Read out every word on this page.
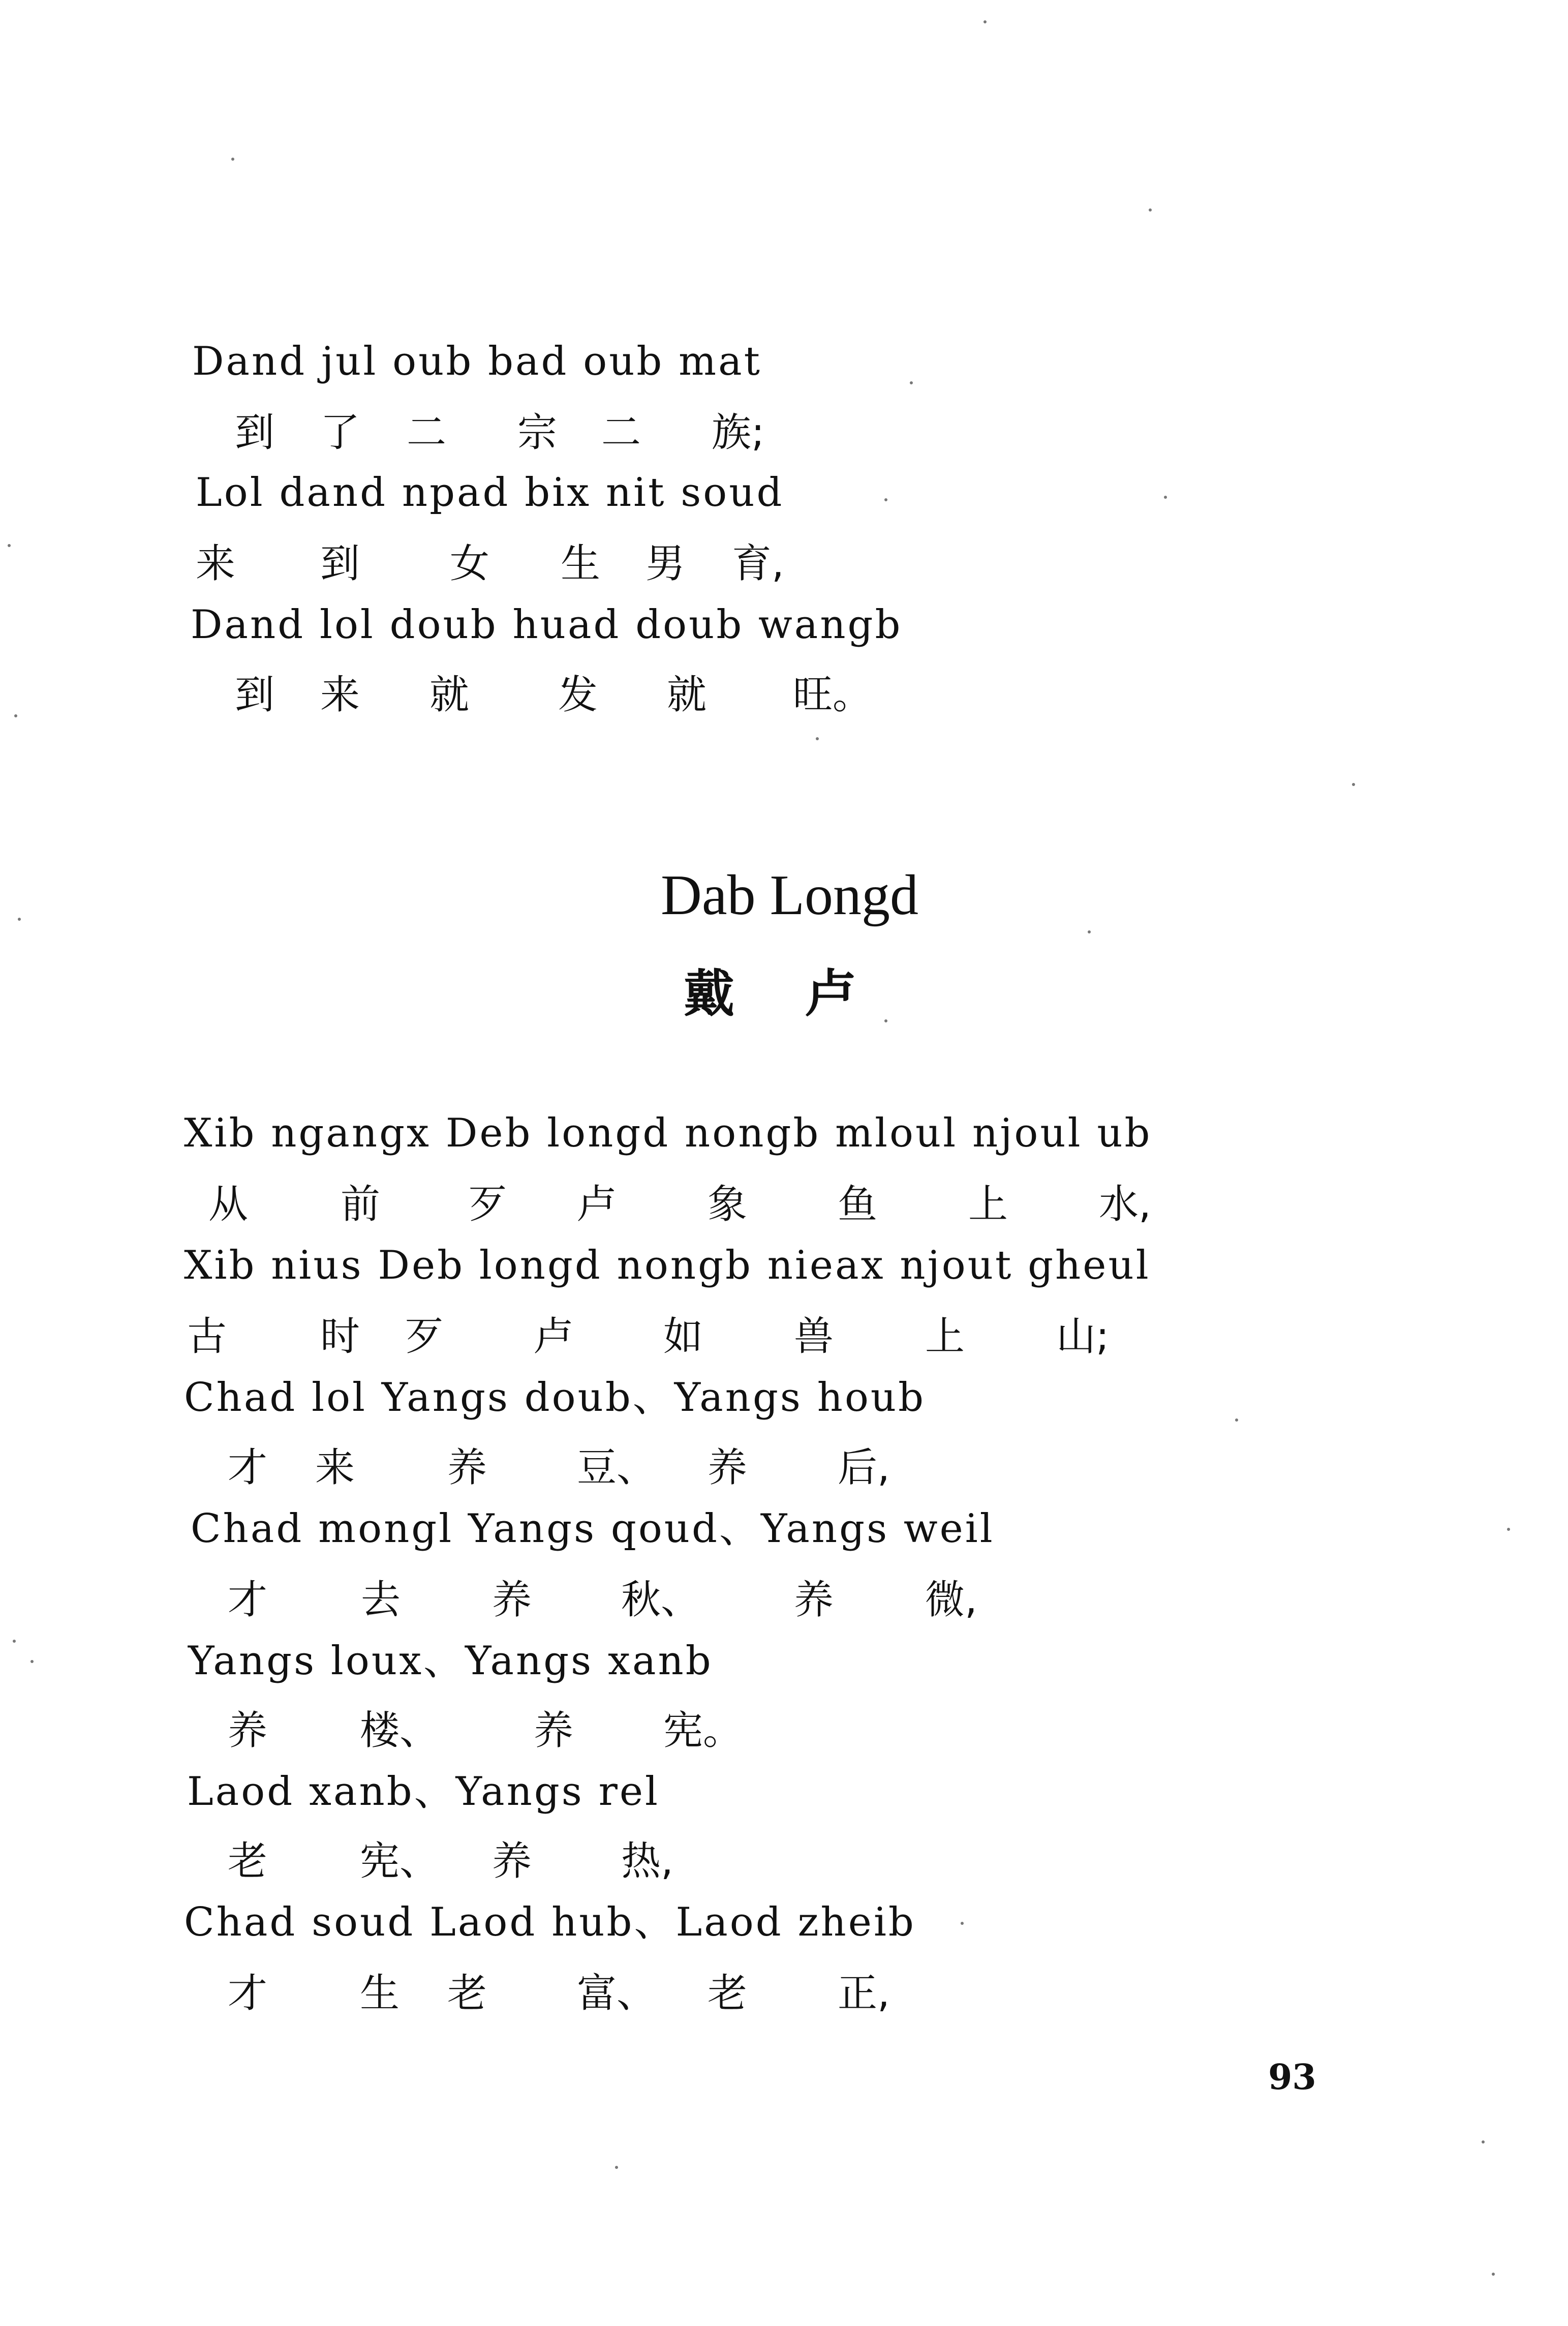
Dand jul oub bad oub mat
到 了 二 宗 二 族;
Lol dand npad bix nit soud
来 到 女 生 男 育,
Dand lol doub huad doub wangb
到 来 就 发 就 旺。
Dab Longd
戴    卢
Xib ngangx Deb longd nongb mloul njoul ub
从 前 歹 卢 象 鱼 上 水,
Xib nius Deb longd nongb nieax njout gheul
古 时 歹 卢 如 兽 上 山;
Chad lol Yangs doub、Yangs houb
才 来 养 豆、 养 后,
Chad mongl Yangs qoud、Yangs weil
才 去 养 秋、 养 微,
Yangs loux、Yangs xanb
养 楼、 养 宪。
Laod xanb、Yangs rel
老 宪、 养 热,
Chad soud Laod hub、Laod zheib
才 生 老 富、 老 正,
93
